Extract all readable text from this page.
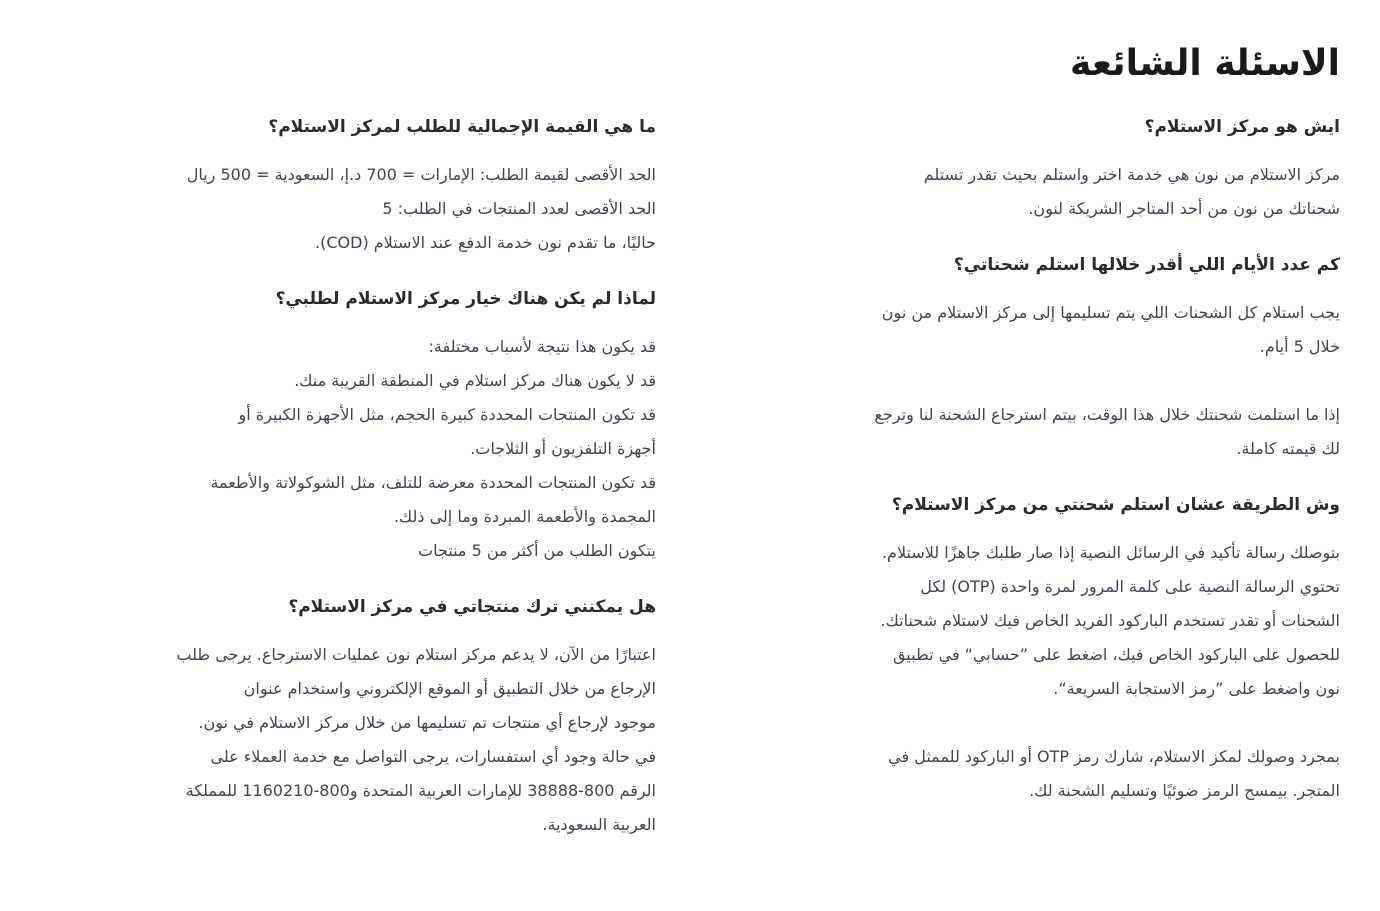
الاسئلة الشائعة
ايش هو مركز الاستلام؟

مركز الاستلام من نون هي خدمة اختر واستلم بحيث تقدر تستلم

شحناتك من نون من أحد المتاجر الشريكة لنون.

كم عدد الأيام اللي أقدر خلالها استلم شحناتي؟

يجب استلام كل الشحنات اللي يتم تسليمها إلى مركز الاستلام من نون

خلال 5 أيام.

إذا ما استلمت شحنتك خلال هذا الوقت، بيتم استرجاع الشحنة لنا وترجع

لك قيمته كاملة.

وش الطريقة عشان استلم شحنتي من مركز الاستلام؟

بتوصلك رسالة تأكيد في الرسائل النصية إذا صار طلبك جاهزًا للاستلام.

تحتوي الرسالة النصية على كلمة المرور لمرة واحدة (OTP) لكل

الشحنات أو تقدر تستخدم الباركود الفريد الخاص فيك لاستلام شحناتك.

للحصول على الباركود الخاص فيك، اضغط على ”حسابي“ في تطبيق

نون واضغط على ”رمز الاستجابة السريعة“.

بمجرد وصولك لمكز الاستلام، شارك رمز OTP أو الباركود للممثل في

المتجر. بيمسح الرمز ضوئيًا وتسليم الشحنة لك.

ما هي القيمة الإجمالية للطلب لمركز الاستلام؟

الحد الأقصى لقيمة الطلب: الإمارات = 700 د.إ، السعودية = 500 ريال

الحد الأقصى لعدد المنتجات في الطلب: 5

حاليًا، ما تقدم نون خدمة الدفع عند الاستلام (COD).

لماذا لم يكن هناك خيار مركز الاستلام لطلبي؟

قد يكون هذا نتيجة لأسباب مختلفة:

قد لا يكون هناك مركز استلام في المنطقة القريبة منك.

قد تكون المنتجات المحددة كبيرة الحجم، مثل الأجهزة الكبيرة أو

أجهزة التلفزيون أو الثلاجات.

قد تكون المنتجات المحددة معرضة للتلف، مثل الشوكولاتة والأطعمة

المجمدة والأطعمة المبردة وما إلى ذلك.

يتكون الطلب من أكثر من 5 منتجات

هل يمكنني ترك منتجاتي في مركز الاستلام؟

اعتبارًا من الآن، لا يدعم مركز استلام نون عمليات الاسترجاع. يرجى طلب

الإرجاع من خلال التطبيق أو الموقع الإلكتروني واستخدام عنوان

موجود لإرجاع أي منتجات تم تسليمها من خلال مركز الاستلام في نون.

في حالة وجود أي استفسارات، يرجى التواصل مع خدمة العملاء على

الرقم 800-38888 للإمارات العربية المتحدة و800-1160210 للمملكة

العربية السعودية.
